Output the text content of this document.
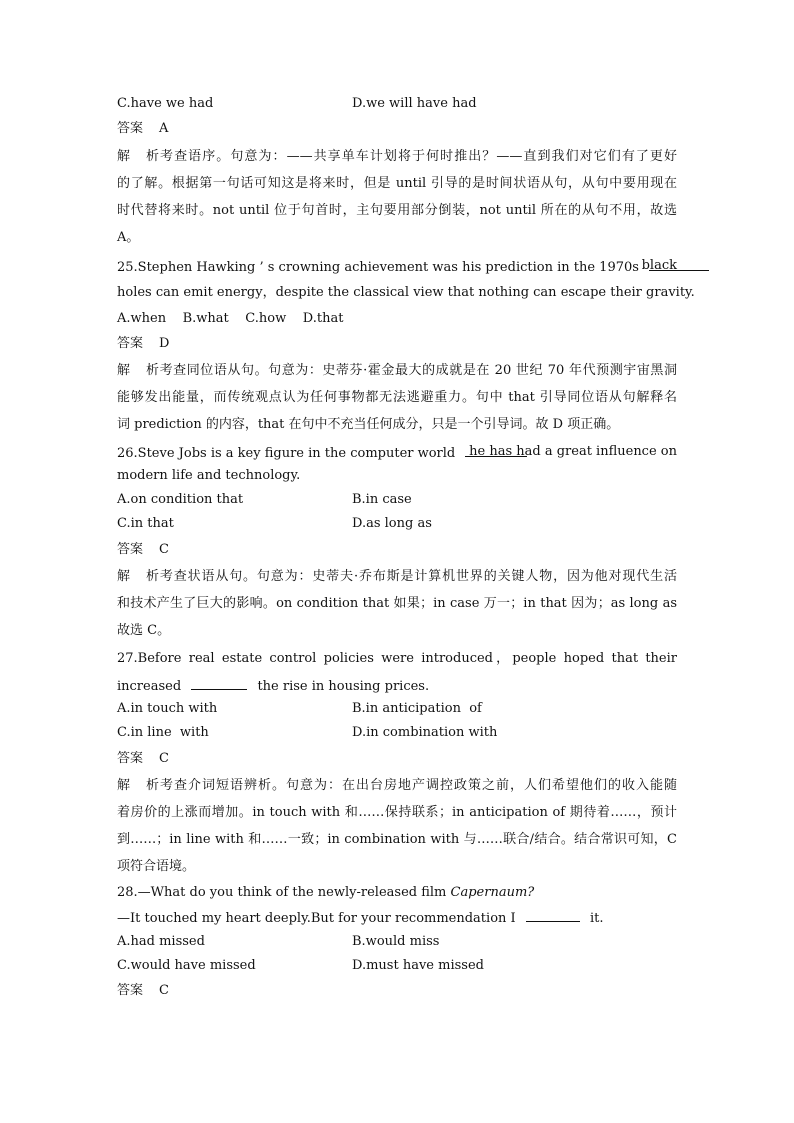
C.have we had	D.we will have had
答案 A
解析考查语序。句意为：——共享单车计划将于何时推出？——直到我们对它们有了更好
的了解。根据第一句话可知这是将来时，但是 until 引导的是时间状语从句，从句中要用现在
时代替将来时。not until 位于句首时，主句要用部分倒装，not until 所在的从句不用，故选
A。
25.Stephen Hawking ’ s crowning achievement was his prediction in the 1970s black
holes can emit energy，despite the classical view that nothing can escape their gravity.
A.when    B.what    C.how    D.that
答案 D
解析考查同位语从句。句意为：史蒂芬·霍金最大的成就是在 20 世纪 70 年代预测宇宙黑洞
能够发出能量，而传统观点认为任何事物都无法逃避重力。句中 that 引导同位语从句解释名
词 prediction 的内容，that 在句中不充当任何成分，只是一个引导词。故 D 项正确。
26.Steve Jobs is a key figure in the computer world he has had a great influence on
modern life and technology.
A.on condition that	B.in case
C.in that	D.as long as
答案 C
解析考查状语从句。句意为：史蒂夫·乔布斯是计算机世界的关键人物，因为他对现代生活
和技术产生了巨大的影响。on condition that 如果；in case 万一；in that 因为；as long as
故选 C。
27.Before real estate control policies were introduced，people hoped that their
increased	the rise in housing prices.
A.in touch with	B.in anticipation  of
C.in line  with	D.in combination with
答案 C
解析考查介词短语辨析。句意为：在出台房地产调控政策之前，人们希望他们的收入能随
着房价的上涨而增加。in touch with 和……保持联系；in anticipation of 期待着……，预计
到……；in line with 和……一致；in combination with 与……联合/结合。结合常识可知，C
项符合语境。
28.—What do you think of the newly-released film Capernaum?
—It touched my heart deeply.But for your recommendation I	it.
A.had missed	B.would miss
C.would have missed	D.must have missed
答案 C
